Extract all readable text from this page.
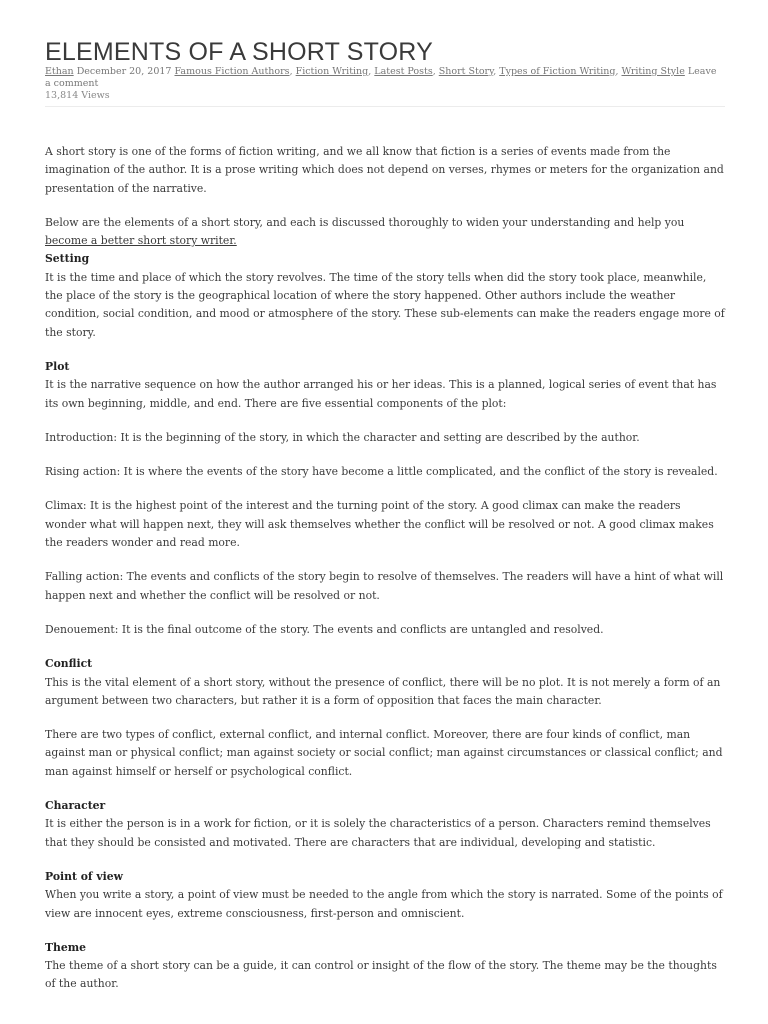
ELEMENTS OF A SHORT STORY
Ethan December 20, 2017 Famous Fiction Authors, Fiction Writing, Latest Posts, Short Story, Types of Fiction Writing, Writing Style Leave a comment
13,814 Views

A short story is one of the forms of fiction writing, and we all know that fiction is a series of events made from the imagination of the author. It is a prose writing which does not depend on verses, rhymes or meters for the organization and presentation of the narrative.

Below are the elements of a short story, and each is discussed thoroughly to widen your understanding and help you become a better short story writer.

Setting
It is the time and place of which the story revolves. The time of the story tells when did the story took place, meanwhile, the place of the story is the geographical location of where the story happened. Other authors include the weather condition, social condition, and mood or atmosphere of the story. These sub-elements can make the readers engage more of the story.

Plot
It is the narrative sequence on how the author arranged his or her ideas. This is a planned, logical series of event that has its own beginning, middle, and end. There are five essential components of the plot:

Introduction: It is the beginning of the story, in which the character and setting are described by the author.

Rising action: It is where the events of the story have become a little complicated, and the conflict of the story is revealed.

Climax: It is the highest point of the interest and the turning point of the story. A good climax can make the readers wonder what will happen next, they will ask themselves whether the conflict will be resolved or not. A good climax makes the readers wonder and read more.

Falling action: The events and conflicts of the story begin to resolve of themselves. The readers will have a hint of what will happen next and whether the conflict will be resolved or not.

Denouement: It is the final outcome of the story. The events and conflicts are untangled and resolved.

Conflict
This is the vital element of a short story, without the presence of conflict, there will be no plot. It is not merely a form of an argument between two characters, but rather it is a form of opposition that faces the main character.

There are two types of conflict, external conflict, and internal conflict. Moreover, there are four kinds of conflict, man against man or physical conflict; man against society or social conflict; man against circumstances or classical conflict; and man against himself or herself or psychological conflict.

Character
It is either the person is in a work for fiction, or it is solely the characteristics of a person. Characters remind themselves that they should be consisted and motivated. There are characters that are individual, developing and statistic.

Point of view
When you write a story, a point of view must be needed to the angle from which the story is narrated. Some of the points of view are innocent eyes, extreme consciousness, first-person and omniscient.

Theme
The theme of a short story can be a guide, it can control or insight of the flow of the story. The theme may be the thoughts of the author.
